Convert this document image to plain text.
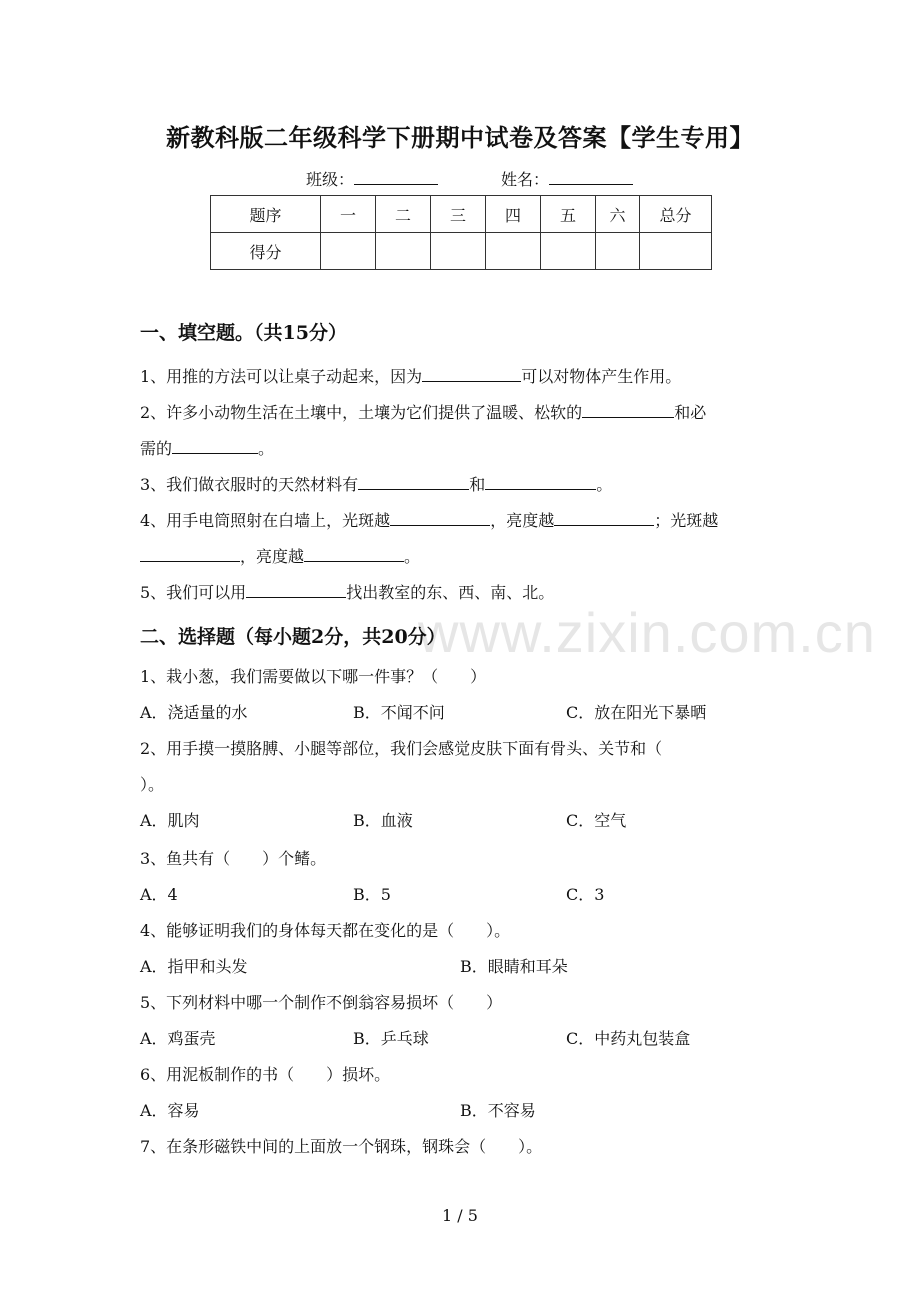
新教科版二年级科学下册期中试卷及答案【学生专用】
班级：	姓名：
题序	一	二	三	四	五	六	总分
得分							
www.zixin.com.cn
一、填空题。（共15分）
1、用推的方法可以让桌子动起来，因为	可以对物体产生作用。
2、许多小动物生活在土壤中，土壤为它们提供了温暖、松软的	和必
需的	。
3、我们做衣服时的天然材料有	和	。
4、用手电筒照射在白墙上，光斑越	，亮度越	；光斑越
，亮度越	。
5、我们可以用	找出教室的东、西、南、北。
二、选择题（每小题2分，共20分）
1、栽小葱，我们需要做以下哪一件事？（　　）
A．浇适量的水	B．不闻不问	C．放在阳光下暴晒
2、用手摸一摸胳膊、小腿等部位，我们会感觉皮肤下面有骨头、关节和（
）。
A．肌肉	B．血液	C．空气
3、鱼共有（　　）个鳍。
A．4	B．5	C．3
4、能够证明我们的身体每天都在变化的是（　　）。
A．指甲和头发	B．眼睛和耳朵
5、下列材料中哪一个制作不倒翁容易损坏（　　）
A．鸡蛋壳	B．乒乓球	C．中药丸包装盒
6、用泥板制作的书（　　）损坏。
A．容易	B．不容易
7、在条形磁铁中间的上面放一个钢珠，钢珠会（　　）。
1 / 5
